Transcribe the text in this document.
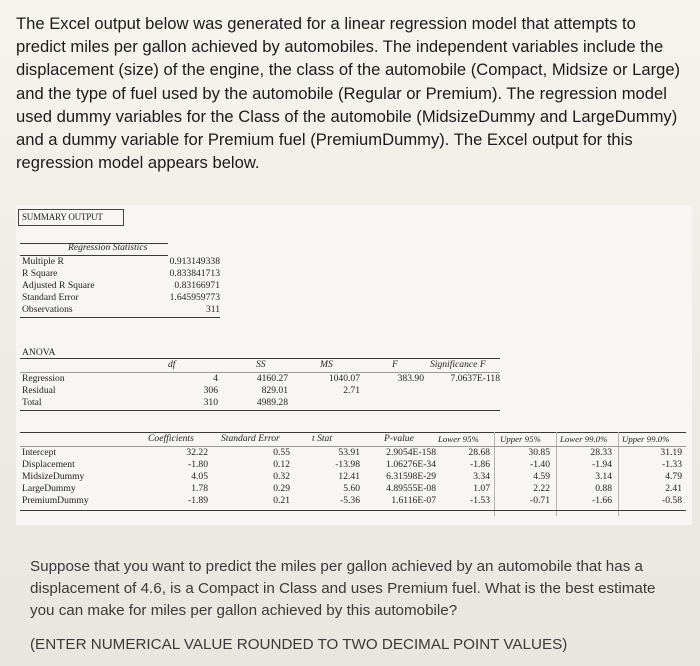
The Excel output below was generated for a linear regression model that attempts to predict miles per gallon achieved by automobiles. The independent variables include the displacement (size) of the engine, the class of the automobile (Compact, Midsize or Large) and the type of fuel used by the automobile (Regular or Premium). The regression model used dummy variables for the Class of the automobile (MidsizeDummy and LargeDummy) and a dummy variable for Premium fuel (PremiumDummy). The Excel output for this regression model appears below.

SUMMARY OUTPUT
Regression Statistics
Multiple R	0.913149338
R Square	0.833841713
Adjusted R Square	0.83166971
Standard Error	1.645959773
Observations	311
ANOVA
df	SS	MS	F	Significance F
Regression	4	4160.27	1040.07	383.90	7.0637E-118
Residual	306	829.01	2.71
Total	310	4989.28
Coefficients	Standard Error	t Stat	P-value	Lower 95% Upper 95% Lower 99.0% Upper 99.0%
Intercept	32.22	0.55	53.91	2.9054E-158	28.68	30.85	28.33	31.19
Displacement	-1.80	0.12	-13.98	1.06276E-34	-1.86	-1.40	-1.94	-1.33
MidsizeDummy	4.05	0.32	12.41	6.31598E-29	3.34	4.59	3.14	4.79
LargeDummy	1.78	0.29	5.60	4.89555E-08	1.07	2.22	0.88	2.41
PremiumDummy	-1.89	0.21	-5.36	1.6116E-07	-1.53	-0.71	-1.66	-0.58

Suppose that you want to predict the miles per gallon achieved by an automobile that has a displacement of 4.6, is a Compact in Class and uses Premium fuel. What is the best estimate you can make for miles per gallon achieved by this automobile?

(ENTER NUMERICAL VALUE ROUNDED TO TWO DECIMAL POINT VALUES)
